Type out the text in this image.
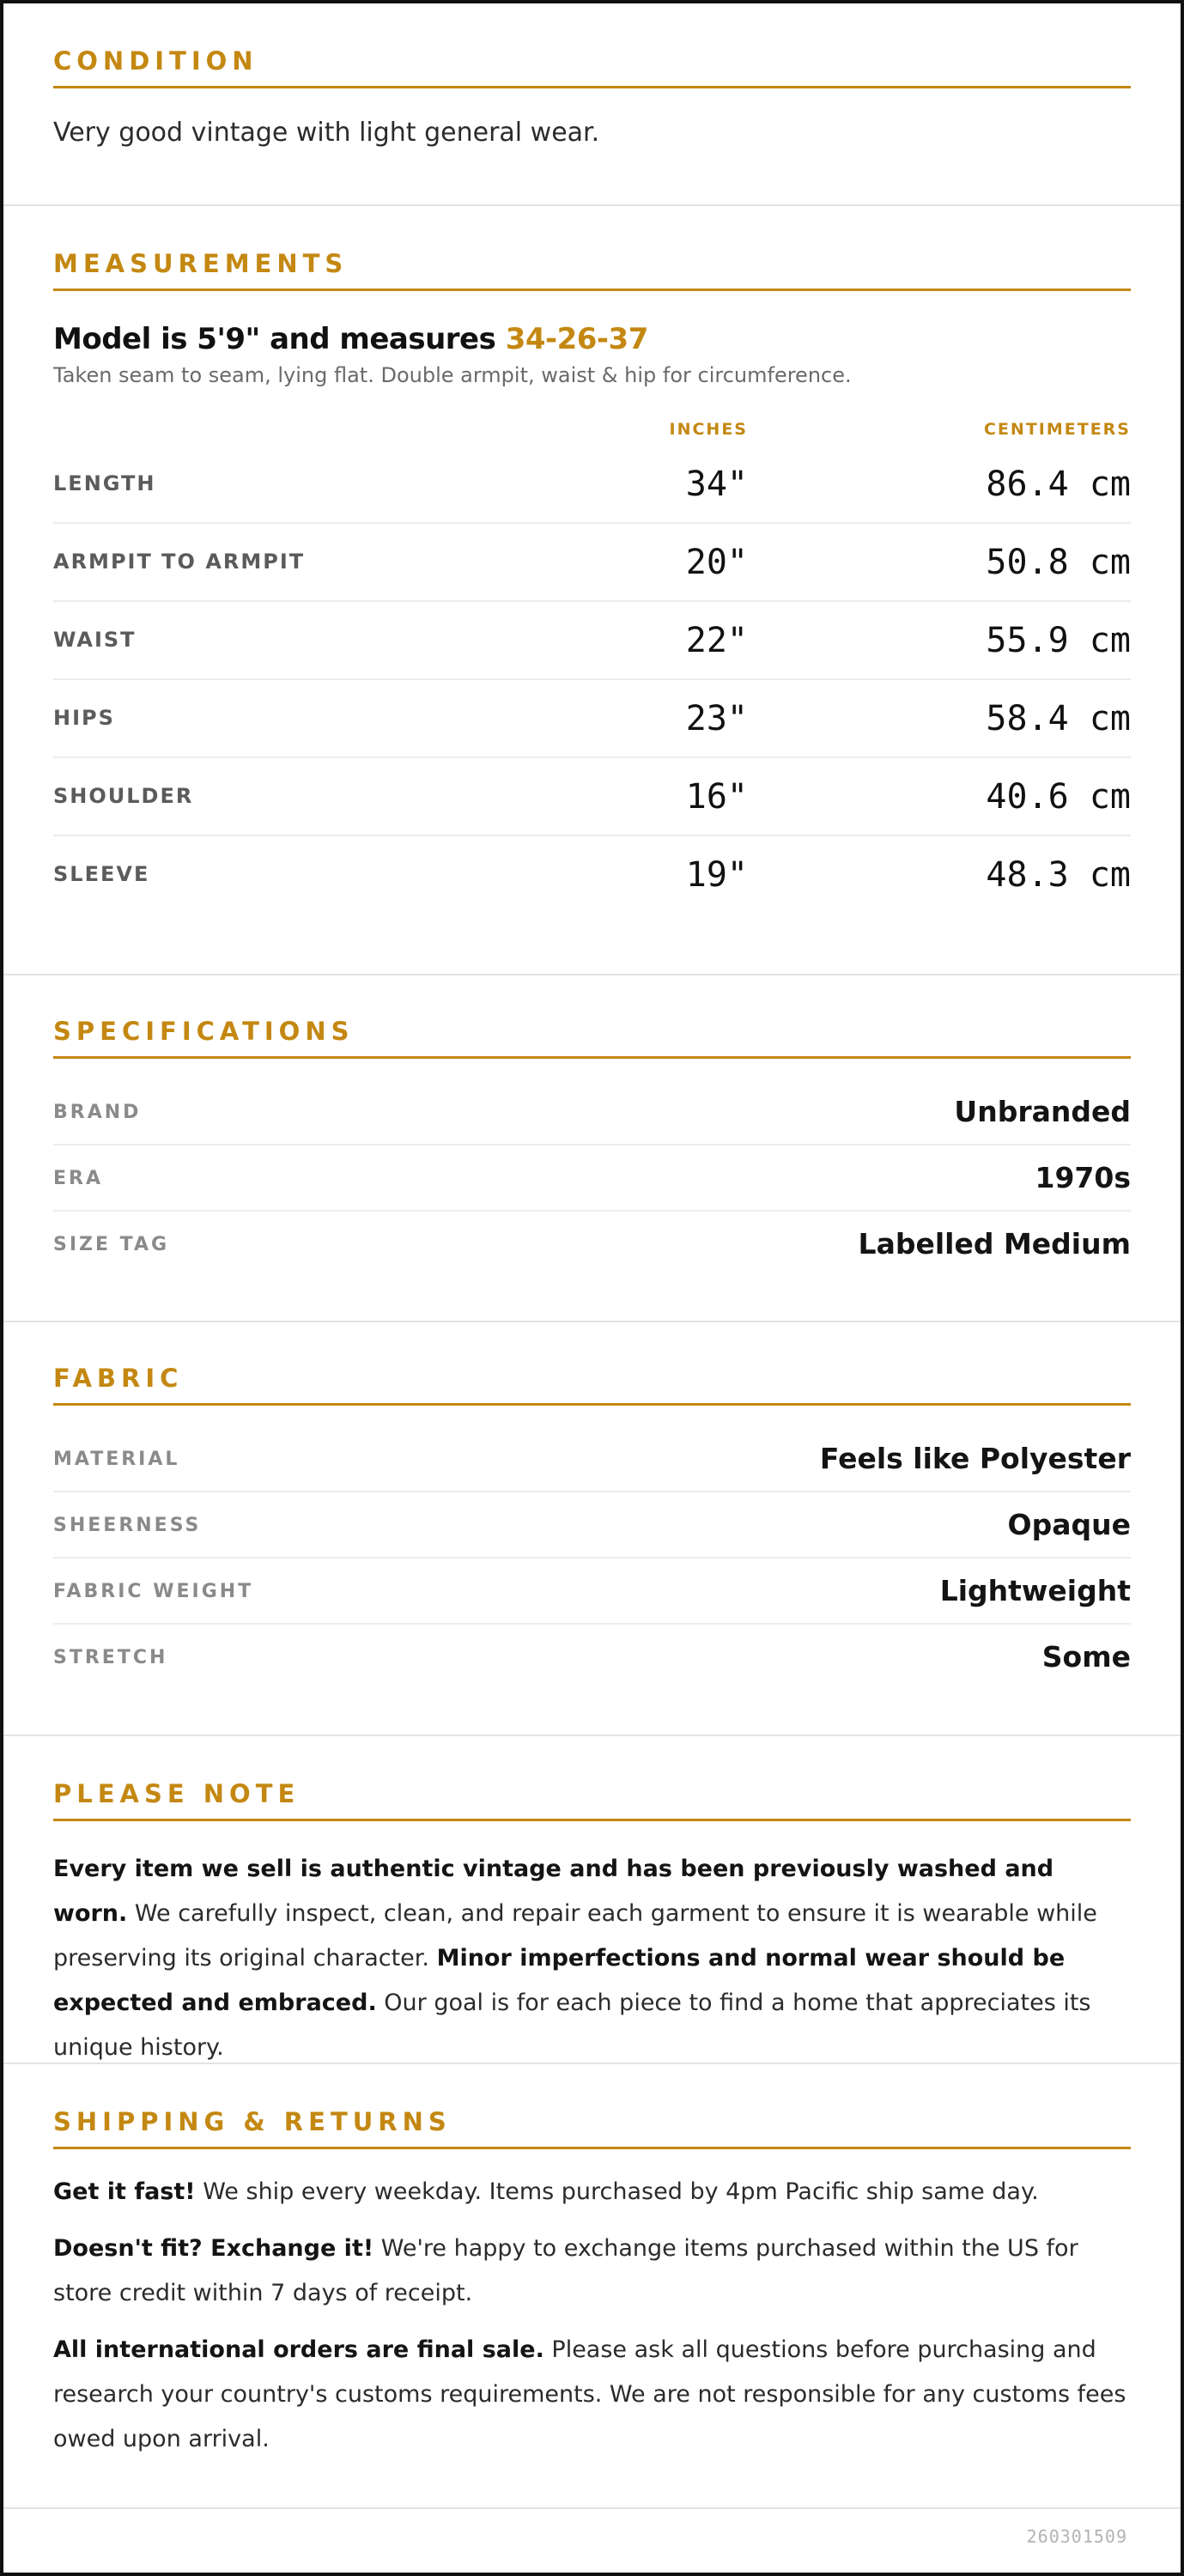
CONDITION

Very good vintage with light general wear.

MEASUREMENTS
Model is 5'9" and measures 34-26-37
Taken seam to seam, lying flat. Double armpit, waist & hip for circumference.
INCHES	CENTIMETERS
LENGTH	34"	86.4 cm
ARMPIT TO ARMPIT	20"	50.8 cm
WAIST	22"	55.9 cm
HIPS	23"	58.4 cm
SHOULDER	16"	40.6 cm
SLEEVE	19"	48.3 cm
SPECIFICATIONS
BRAND	Unbranded
ERA	1970s
SIZE TAG	Labelled Medium
FABRIC
MATERIAL	Feels like Polyester
SHEERNESS	Opaque
FABRIC WEIGHT	Lightweight
STRETCH	Some
PLEASE NOTE

Every item we sell is authentic vintage and has been previously washed and worn. We carefully inspect, clean, and repair each garment to ensure it is wearable while preserving its original character. Minor imperfections and normal wear should be expected and embraced. Our goal is for each piece to find a home that appreciates its unique history.

SHIPPING & RETURNS

Get it fast! We ship every weekday. Items purchased by 4pm Pacific ship same day.

Doesn't fit? Exchange it! We're happy to exchange items purchased within the US for store credit within 7 days of receipt.

All international orders are final sale. Please ask all questions before purchasing and research your country's customs requirements. We are not responsible for any customs fees owed upon arrival.

260301509
